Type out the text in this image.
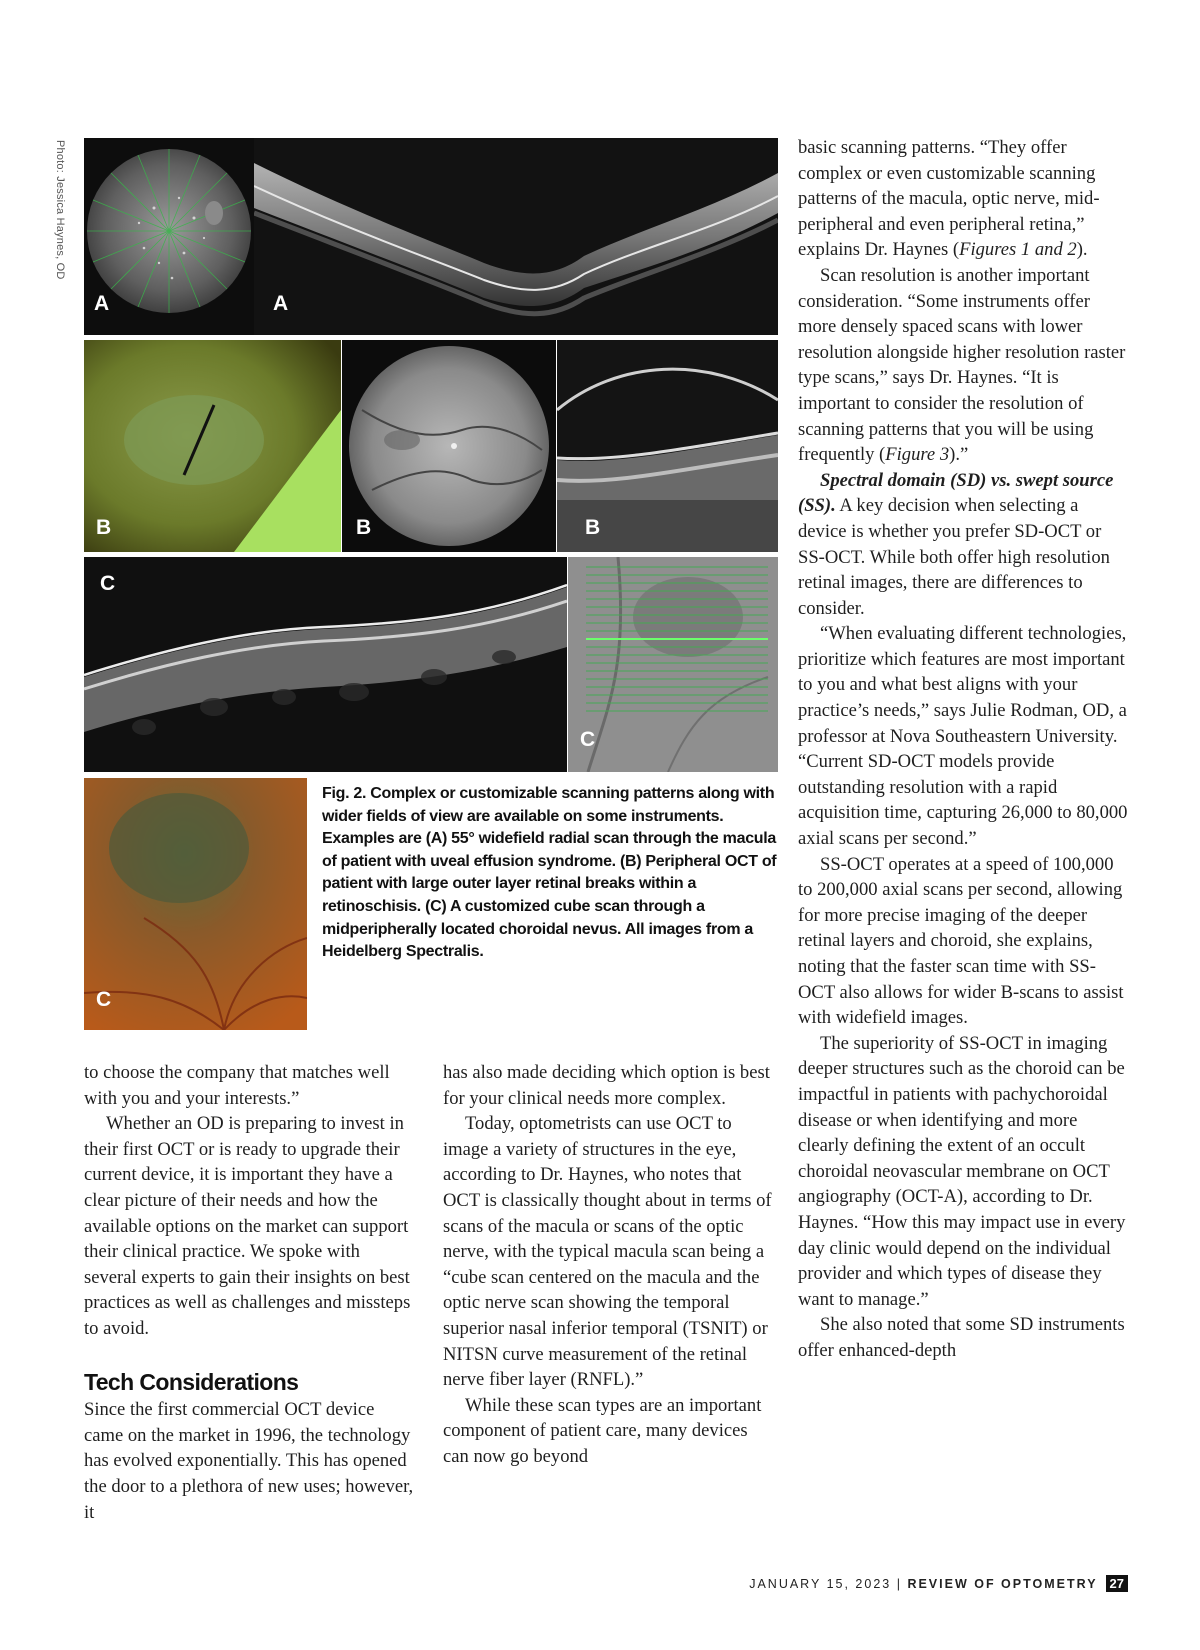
Photo: Jessica Haynes, OD
A	A
B	B	B
C
C
C
Fig. 2. Complex or customizable scanning patterns along with wider fields of view are available on some instruments. Examples are (A) 55° widefield radial scan through the macula of patient with uveal effusion syndrome. (B) Peripheral OCT of patient with large outer layer retinal breaks within a retinoschisis. (C) A customized cube scan through a midperipherally located choroidal nevus. All images from a Heidelberg Spectralis.

to choose the company that matches well with you and your interests.”

Whether an OD is preparing to invest in their first OCT or is ready to upgrade their current device, it is important they have a clear picture of their needs and how the available options on the market can support their clinical practice. We spoke with several experts to gain their insights on best practices as well as challenges and missteps to avoid.

Tech Considerations

Since the first commercial OCT device came on the market in 1996, the technology has evolved exponentially. This has opened the door to a plethora of new uses; however, it

has also made deciding which option is best for your clinical needs more complex.

Today, optometrists can use OCT to image a variety of structures in the eye, according to Dr. Haynes, who notes that OCT is classically thought about in terms of scans of the macula or scans of the optic nerve, with the typical macula scan being a “cube scan centered on the macula and the optic nerve scan showing the temporal superior nasal inferior temporal (TSNIT) or NITSN curve measurement of the retinal nerve fiber layer (RNFL).”

While these scan types are an important component of patient care, many devices can now go beyond

basic scanning patterns. “They offer complex or even customizable scanning patterns of the macula, optic nerve, mid-peripheral and even peripheral retina,” explains Dr. Haynes (Figures 1 and 2).

Scan resolution is another important consideration. “Some instruments offer more densely spaced scans with lower resolution alongside higher resolution raster type scans,” says Dr. Haynes. “It is important to consider the resolution of scanning patterns that you will be using frequently (Figure 3).”

Spectral domain (SD) vs. swept source (SS). A key decision when selecting a device is whether you prefer SD-OCT or SS-OCT. While both offer high resolution retinal images, there are differences to consider.

“When evaluating different technologies, prioritize which features are most important to you and what best aligns with your practice’s needs,” says Julie Rodman, OD, a professor at Nova Southeastern University. “Current SD-OCT models provide outstanding resolution with a rapid acquisition time, capturing 26,000 to 80,000 axial scans per second.”

SS-OCT operates at a speed of 100,000 to 200,000 axial scans per second, allowing for more precise imaging of the deeper retinal layers and choroid, she explains, noting that the faster scan time with SS-OCT also allows for wider B-scans to assist with widefield images.

The superiority of SS-OCT in imaging deeper structures such as the choroid can be impactful in patients with pachychoroidal disease or when identifying and more clearly defining the extent of an occult choroidal neovascular membrane on OCT angiography (OCT-A), according to Dr. Haynes. “How this may impact use in every day clinic would depend on the individual provider and which types of disease they want to manage.”

She also noted that some SD instruments offer enhanced-depth

JANUARY 15, 2023 | REVIEW OF OPTOMETRY 27
